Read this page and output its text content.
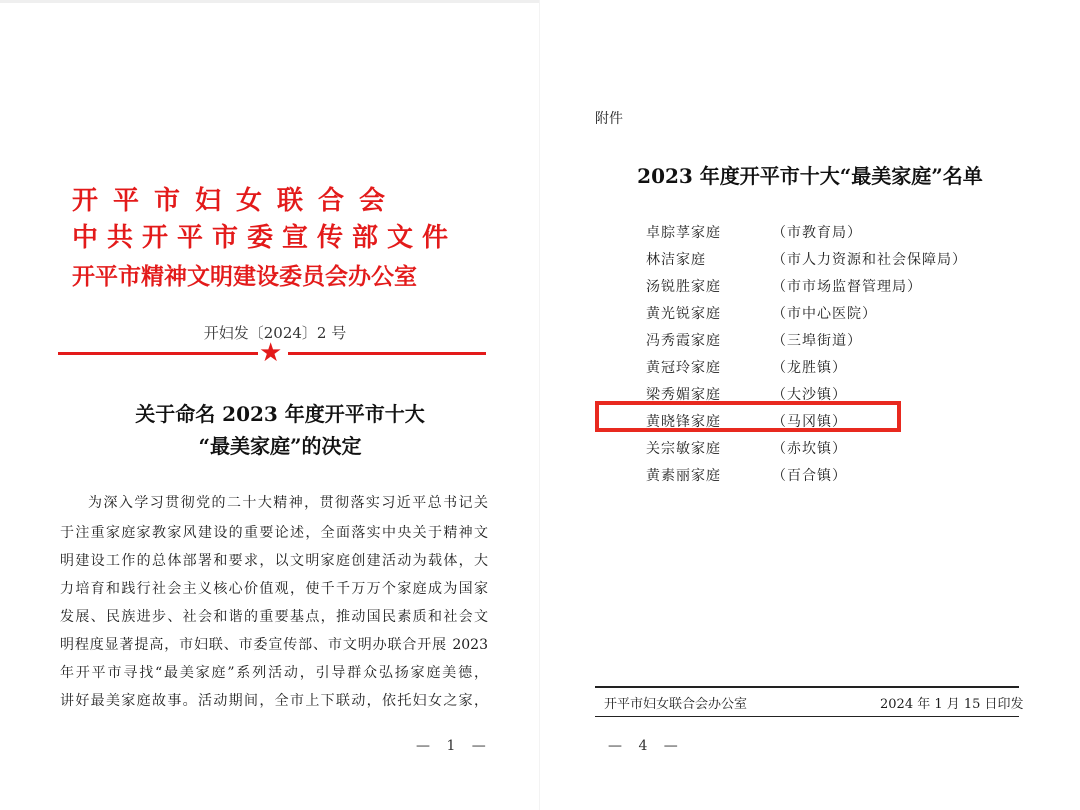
开平市妇女联合会
中共开平市委宣传部文件
开平市精神文明建设委员会办公室
开妇发〔2024〕2 号
★
关于命名 2023 年度开平市十大
“最美家庭”的决定
为深入学习贯彻党的二十大精神，贯彻落实习近平总书记关
于注重家庭家教家风建设的重要论述，全面落实中央关于精神文
明建设工作的总体部署和要求，以文明家庭创建活动为载体，大
力培育和践行社会主义核心价值观，使千千万万个家庭成为国家
发展、民族进步、社会和谐的重要基点，推动国民素质和社会文
明程度显著提高，市妇联、市委宣传部、市文明办联合开展 2023
年开平市寻找“最美家庭”系列活动，引导群众弘扬家庭美德，
讲好最美家庭故事。活动期间，全市上下联动，依托妇女之家，
— 1 —
附件
2023 年度开平市十大“最美家庭”名单
卓腙莩家庭	（市教育局）
林洁家庭	（市人力资源和社会保障局）
汤锐胜家庭	（市市场监督管理局）
黄光锐家庭	（市中心医院）
冯秀霞家庭	（三埠街道）
黄冠玲家庭	（龙胜镇）
梁秀媚家庭	（大沙镇）
黄晓锋家庭	（马冈镇）
关宗敏家庭	（赤坎镇）
黄素丽家庭	（百合镇）
开平市妇女联合会办公室	2024 年 1 月 15 日印发
— 4 —
